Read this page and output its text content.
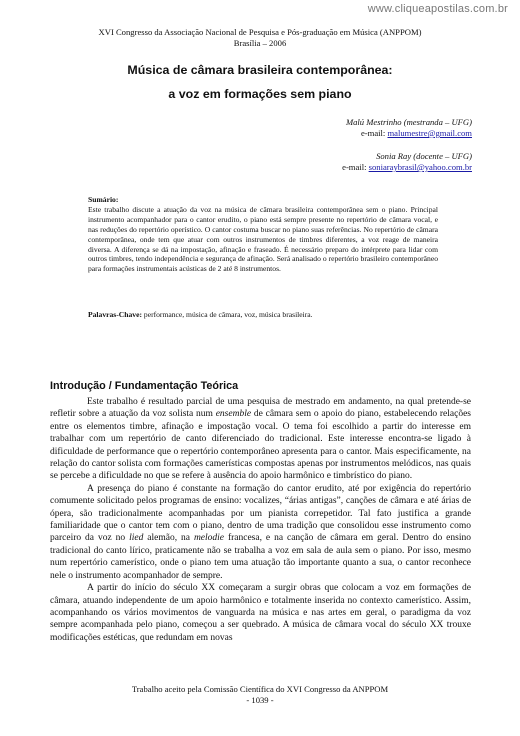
www.cliqueapostilas.com.br
XVI Congresso da Associação Nacional de Pesquisa e Pós-graduação em Música (ANPPOM)
Brasília – 2006
Música de câmara brasileira contemporânea:
a voz em formações sem piano
Malú Mestrinho (mestranda – UFG)
e-mail: malumestre@gmail.com
Sonia Ray (docente – UFG)
e-mail: soniaraybrasil@yahoo.com.br
Sumário:
Este trabalho discute a atuação da voz na música de câmara brasileira contemporânea sem o piano. Principal instrumento acompanhador para o cantor erudito, o piano está sempre presente no repertório de câmara vocal, e nas reduções do repertório operístico. O cantor costuma buscar no piano suas referências. No repertório de câmara contemporânea, onde tem que atuar com outros instrumentos de timbres diferentes, a voz reage de maneira diversa. A diferença se dá na impostação, afinação e fraseado. É necessário preparo do intérprete para lidar com outros timbres, tendo independência e segurança de afinação. Será analisado o repertório brasileiro contemporâneo para formações instrumentais acústicas de 2 até 8 instrumentos.
Palavras-Chave: performance, música de câmara, voz, música brasileira.
Introdução / Fundamentação Teórica

Este trabalho é resultado parcial de uma pesquisa de mestrado em andamento, na qual pretende-se refletir sobre a atuação da voz solista num ensemble de câmara sem o apoio do piano, estabelecendo relações entre os elementos timbre, afinação e impostação vocal. O tema foi escolhido a partir do interesse em trabalhar com um repertório de canto diferenciado do tradicional. Este interesse encontra-se ligado à dificuldade de performance que o repertório contemporâneo apresenta para o cantor. Mais especificamente, na relação do cantor solista com formações camerísticas compostas apenas por instrumentos melódicos, nas quais se percebe a dificuldade no que se refere à ausência do apoio harmônico e timbrístico do piano.

A presença do piano é constante na formação do cantor erudito, até por exigência do repertório comumente solicitado pelos programas de ensino: vocalizes, “árias antigas”, canções de câmara e até árias de ópera, são tradicionalmente acompanhadas por um pianista correpetidor. Tal fato justifica a grande familiaridade que o cantor tem com o piano, dentro de uma tradição que consolidou esse instrumento como parceiro da voz no lied alemão, na melodie francesa, e na canção de câmara em geral. Dentro do ensino tradicional do canto lírico, praticamente não se trabalha a voz em sala de aula sem o piano. Por isso, mesmo num repertório camerístico, onde o piano tem uma atuação tão importante quanto a sua, o cantor reconhece nele o instrumento acompanhador de sempre.

A partir do início do século XX começaram a surgir obras que colocam a voz em formações de câmara, atuando independente de um apoio harmônico e totalmente inserida no contexto camerístico. Assim, acompanhando os vários movimentos de vanguarda na música e nas artes em geral, o paradigma da voz sempre acompanhada pelo piano, começou a ser quebrado. A música de câmara vocal do século XX trouxe modificações estéticas, que redundam em novas

Trabalho aceito pela Comissão Científica do XVI Congresso da ANPPOM
- 1039 -
